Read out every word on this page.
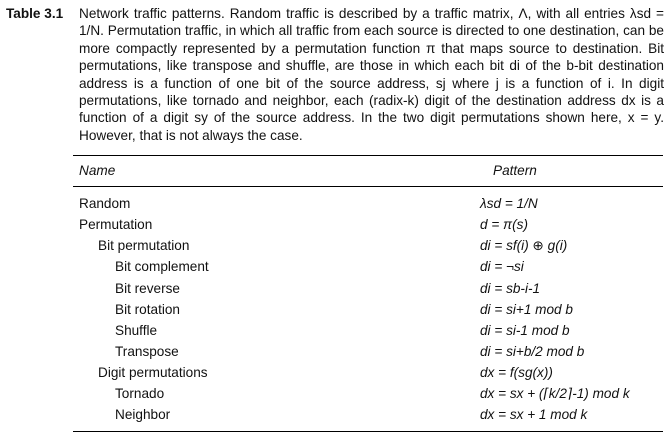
Table 3.1 Network traffic patterns. Random traffic is described by a traffic matrix, Λ, with all entries λsd = 1/N. Permutation traffic, in which all traffic from each source is directed to one destination, can be more compactly represented by a permutation function π that maps source to destination. Bit permutations, like transpose and shuffle, are those in which each bit di of the b-bit destination address is a function of one bit of the source address, sj where j is a function of i. In digit permutations, like tornado and neighbor, each (radix-k) digit of the destination address dx is a function of a digit sy of the source address. In the two digit permutations shown here, x = y. However, that is not always the case.
Name	Pattern
Random	λsd = 1/N
Permutation	d = π(s)
Bit permutation	di = sf(i) ⊕ g(i)
Bit complement	di = ¬si
Bit reverse	di = sb-i-1
Bit rotation	di = si+1 mod b
Shuffle	di = si-1 mod b
Transpose	di = si+b/2 mod b
Digit permutations	dx = f(sg(x))
Tornado	dx = sx + (⌈k/2⌉-1) mod k
Neighbor	dx = sx + 1 mod k
